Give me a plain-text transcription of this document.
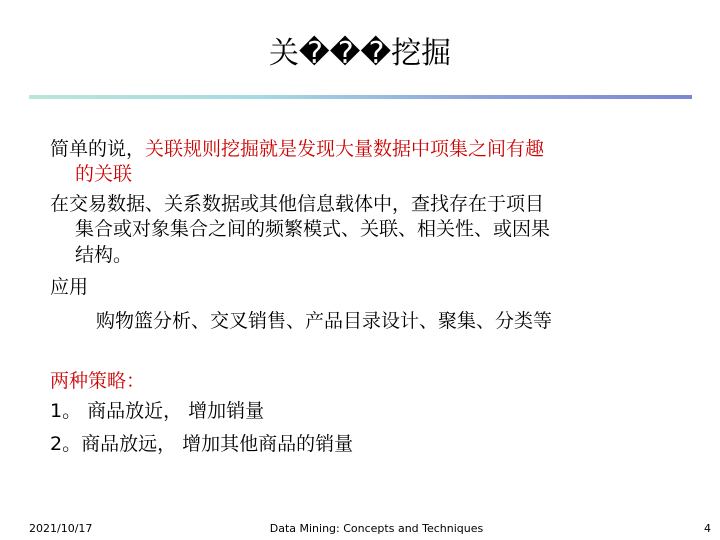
关���挖掘
简单的说，关联规则挖掘就是发现大量数据中项集之间有趣
的关联
在交易数据、关系数据或其他信息载体中，查找存在于项目
集合或对象集合之间的频繁模式、关联、相关性、或因果
结构。
应用
购物篮分析、交叉销售、产品目录设计、聚集、分类等
两种策略：
1。 商品放近， 增加销量
2。商品放远， 增加其他商品的销量
2021/10/17	Data Mining: Concepts and Techniques	4
